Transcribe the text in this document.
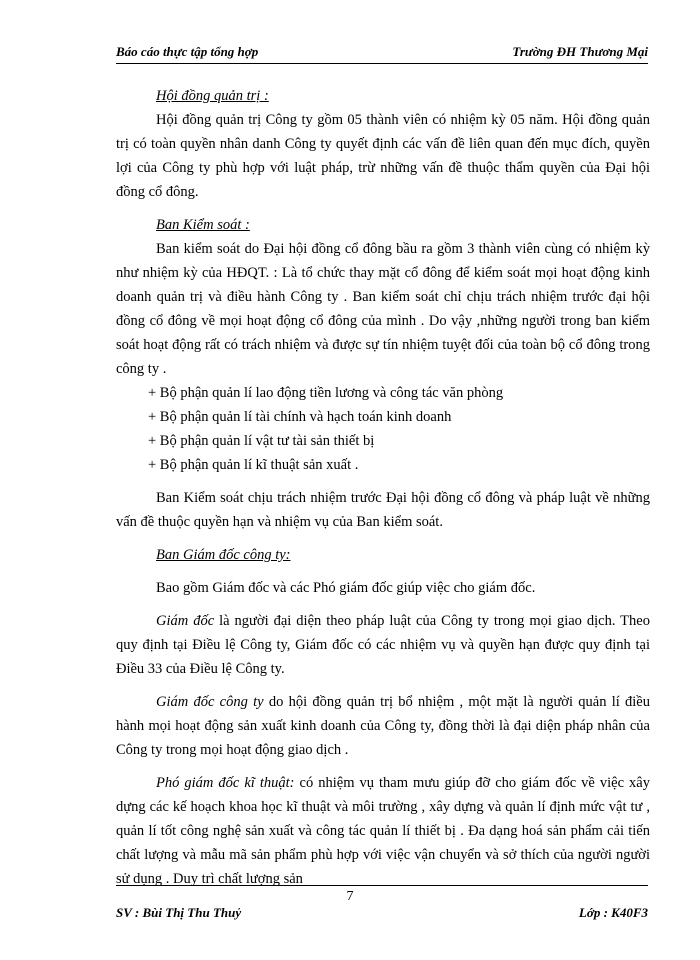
Báo cáo thực tập tổng hợp	Trường ĐH Thương Mại

Hội đồng quản trị :

Hội đồng quản trị Công ty gồm 05 thành viên có nhiệm kỳ 05 năm. Hội đồng quản trị có toàn quyền nhân danh Công ty quyết định các vấn đề liên quan đến mục đích, quyền lợi của Công ty phù hợp với luật pháp, trừ những vấn đề thuộc thẩm quyền của Đại hội đồng cổ đông.

Ban Kiểm soát :

Ban kiểm soát do Đại hội đồng cổ đông bầu ra gồm 3 thành viên cùng có nhiệm kỳ như nhiệm kỳ của HĐQT. : Là tổ chức thay mặt cổ đông để kiểm soát mọi hoạt động kinh doanh quản trị và điều hành Công ty . Ban kiểm soát chỉ chịu trách nhiệm trước đại hội đồng cổ đông về mọi hoạt động cổ đông của mình . Do vậy ,những người trong ban kiểm soát hoạt động rất có trách nhiệm và được sự tín nhiệm tuyệt đối của toàn bộ cổ đông trong công ty .

+ Bộ phận quản lí lao động tiền lương và công tác văn phòng

+ Bộ phận quản lí tài chính và hạch toán kinh doanh

+ Bộ phận quản lí vật tư tài sản thiết bị

+ Bộ phận quản lí kĩ thuật sản xuất .

Ban Kiểm soát chịu trách nhiệm trước Đại hội đồng cổ đông và pháp luật về những vấn đề thuộc quyền hạn và nhiệm vụ của Ban kiểm soát.

Ban Giám đốc công ty:

Bao gồm Giám đốc và các Phó giám đốc giúp việc cho giám đốc.

Giám đốc là người đại diện theo pháp luật của Công ty trong mọi giao dịch. Theo quy định tại Điều lệ Công ty, Giám đốc có các nhiệm vụ và quyền hạn được quy định tại Điều 33 của Điều lệ Công ty.

Giám đốc công ty do hội đồng quản trị bổ nhiệm , một mặt là người quản lí điều hành mọi hoạt động sản xuất kinh doanh của Công ty, đồng thời là đại diện pháp nhân của Công ty trong mọi hoạt động giao dịch .

Phó giám đốc kĩ thuật: có nhiệm vụ tham mưu giúp đỡ cho giám đốc về việc xây dựng các kế hoạch khoa học kĩ thuật và môi trường , xây dựng và quản lí định mức vật tư , quản lí tốt công nghệ sản xuất và công tác quản lí thiết bị . Đa dạng hoá sản phẩm cải tiến chất lượng và mẫu mã sản phẩm phù hợp với việc vận chuyển và sở thích của người người sử dụng . Duy trì chất lượng sản

7
SV : Bùi Thị Thu Thuỷ	Lớp : K40F3
